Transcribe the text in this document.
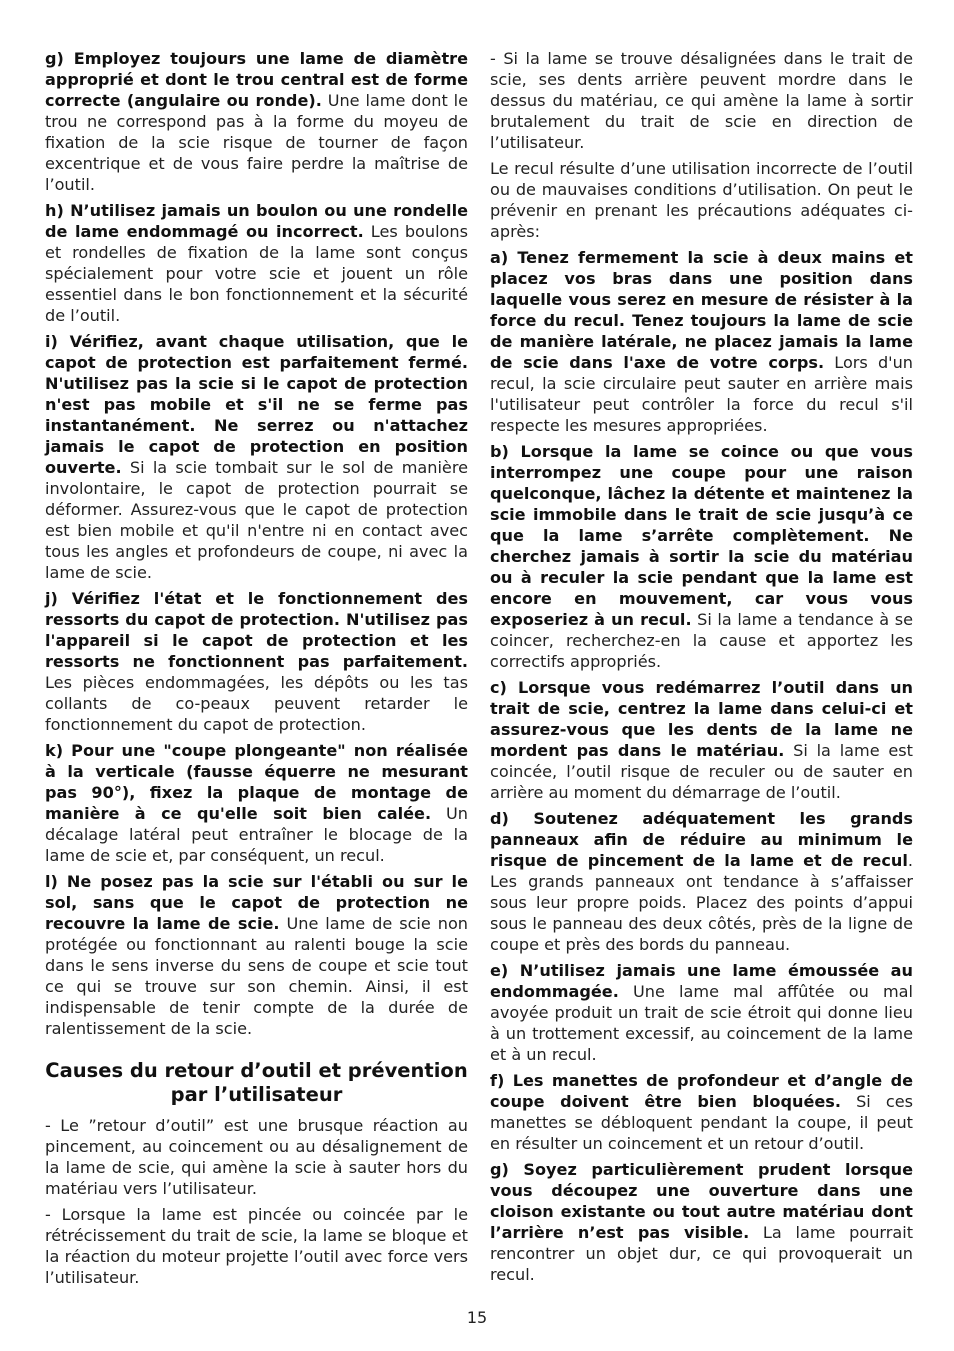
g) Employez toujours une lame de diamètre approprié et dont le trou central est de forme correcte (angulaire ou ronde). Une lame dont le trou ne correspond pas à la forme du moyeu de fixation de la scie risque de tourner de façon excentrique et de vous faire perdre la maîtrise de l’outil.

h) N’utilisez jamais un boulon ou une rondelle de lame endommagé ou incorrect. Les boulons et rondelles de fixation de la lame sont conçus spécialement pour votre scie et jouent un rôle essentiel dans le bon fonctionnement et la sécurité de l’outil.

i) Vérifiez, avant chaque utilisation, que le capot de protection est parfaitement fermé. N'utilisez pas la scie si le capot de protection n'est pas mobile et s'il ne se ferme pas instantanément. Ne serrez ou n'attachez jamais le capot de protection en position ouverte. Si la scie tombait sur le sol de manière involontaire, le capot de protection pourrait se déformer. Assurez-vous que le capot de protection est bien mobile et qu'il n'entre ni en contact avec tous les angles et profondeurs de coupe, ni avec la lame de scie.

j) Vérifiez l'état et le fonctionnement des ressorts du capot de protection. N'utilisez pas l'appareil si le capot de protection et les ressorts ne fonctionnent pas parfaitement. Les pièces endommagées, les dépôts ou les tas collants de co-peaux peuvent retarder le fonctionnement du capot de protection.

k) Pour une "coupe plongeante" non réalisée à la verticale (fausse équerre ne mesurant pas 90°), fixez la plaque de montage de manière à ce qu'elle soit bien calée. Un décalage latéral peut entraîner le blocage de la lame de scie et, par conséquent, un recul.

l) Ne posez pas la scie sur l'établi ou sur le sol, sans que le capot de protection ne recouvre la lame de scie. Une lame de scie non protégée ou fonctionnant au ralenti bouge la scie dans le sens inverse du sens de coupe et scie tout ce qui se trouve sur son chemin. Ainsi, il est indispensable de tenir compte de la durée de ralentissement de la scie.

Causes du retour d’outil et prévention par l’utilisateur

- Le ”retour d’outil” est une brusque réaction au pincement, au coincement ou au désalignement de la lame de scie, qui amène la scie à sauter hors du matériau vers l’utilisateur.

- Lorsque la lame est pincée ou coincée par le rétrécissement du trait de scie, la lame se bloque et la réaction du moteur projette l’outil avec force vers l’utilisateur.

- Si la lame se trouve désalignées dans le trait de scie, ses dents arrière peuvent mordre dans le dessus du matériau, ce qui amène la lame à sortir brutalement du trait de scie en direction de l’utilisateur.

Le recul résulte d’une utilisation incorrecte de l’outil ou de mauvaises conditions d’utilisation. On peut le prévenir en prenant les précautions adéquates ci-après:

a) Tenez fermement la scie à deux mains et placez vos bras dans une position dans laquelle vous serez en mesure de résister à la force du recul. Tenez toujours la lame de scie de manière latérale, ne placez jamais la lame de scie dans l'axe de votre corps. Lors d'un recul, la scie circulaire peut sauter en arrière mais l'utilisateur peut contrôler la force du recul s'il respecte les mesures appropriées.

b) Lorsque la lame se coince ou que vous interrompez une coupe pour une raison quelconque, lâchez la détente et maintenez la scie immobile dans le trait de scie jusqu’à ce que la lame s’arrête complètement. Ne cherchez jamais à sortir la scie du matériau ou à reculer la scie pendant que la lame est encore en mouvement, car vous vous exposeriez à un recul. Si la lame a tendance à se coincer, recherchez-en la cause et apportez les correctifs appropriés.

c) Lorsque vous redémarrez l’outil dans un trait de scie, centrez la lame dans celui-ci et assurez-vous que les dents de la lame ne mordent pas dans le matériau. Si la lame est coincée, l’outil risque de reculer ou de sauter en arrière au moment du démarrage de l’outil.

d) Soutenez adéquatement les grands panneaux afin de réduire au minimum le risque de pincement de la lame et de recul. Les grands panneaux ont tendance à s’affaisser sous leur propre poids. Placez des points d’appui sous le panneau des deux côtés, près de la ligne de coupe et près des bords du panneau.

e) N’utilisez jamais une lame émoussée au endommagée. Une lame mal affûtée ou mal avoyée produit un trait de scie étroit qui donne lieu à un trottement excessif, au coincement de la lame et à un recul.

f) Les manettes de profondeur et d’angle de coupe doivent être bien bloquées. Si ces manettes se débloquent pendant la coupe, il peut en résulter un coincement et un retour d’outil.

g) Soyez particulièrement prudent lorsque vous découpez une ouverture dans une cloison existante ou tout autre matériau dont l’arrière n’est pas visible. La lame pourrait rencontrer un objet dur, ce qui provoquerait un recul.

15
